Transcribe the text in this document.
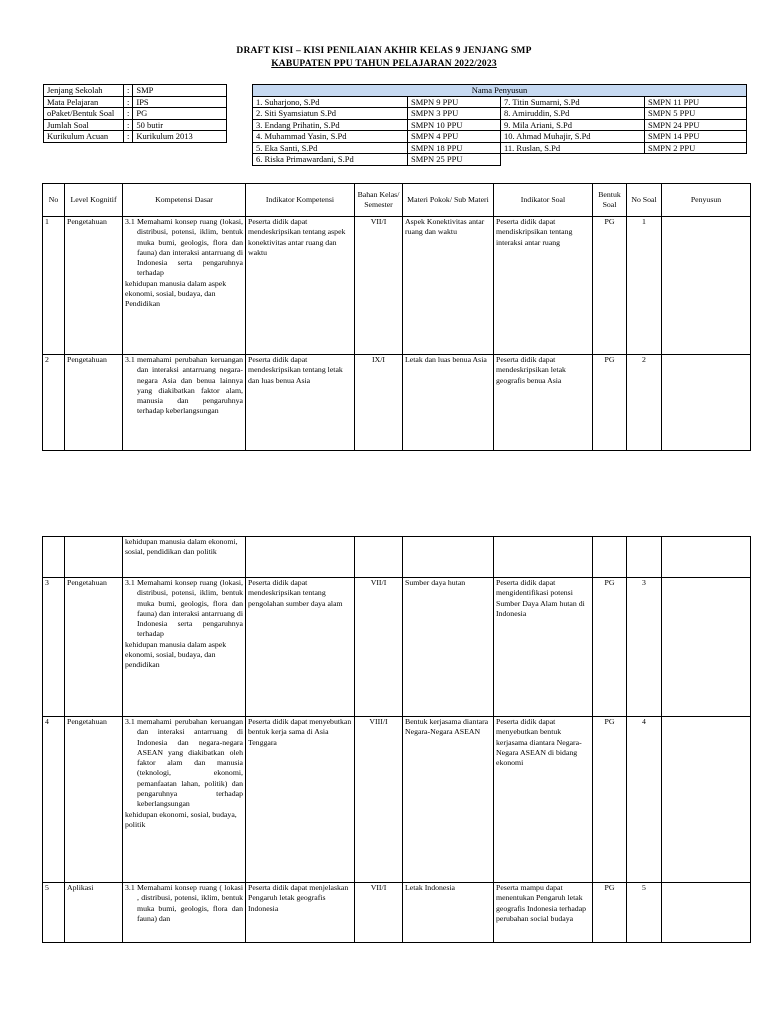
DRAFT KISI – KISI PENILAIAN AKHIR KELAS 9 JENJANG SMP
KABUPATEN PPU TAHUN PELAJARAN 2022/2023
Jenjang Sekolah	:	SMP
Mata Pelajaran	:	IPS
oPaket/Bentuk Soal	:	PG
Jumlah Soal	:	50 butir
Kurikulum Acuan	:	Kurikulum 2013
Nama Penyusun			
1. Suharjono, S.Pd	SMPN 9 PPU	7. Titin Sumarni, S.Pd	SMPN 11 PPU
2. Siti Syamsiatun S.Pd	SMPN 3 PPU	8. Amiruddin, S.Pd	SMPN 5 PPU
3. Endang Prihatin, S.Pd	SMPN 10 PPU	9. Mila Ariani, S.Pd	SMPN 24 PPU
4. Muhammad Yasin, S.Pd	SMPN 4 PPU	10. Ahmad Muhajir, S.Pd	SMPN 14 PPU
5. Eka Santi, S.Pd	SMPN 18 PPU	11. Ruslan, S.Pd	SMPN 2 PPU
6. Riska Primawardani, S.Pd	SMPN 25 PPU		
No	Level Kognitif	Kompetensi Dasar	Indikator Kompetensi	Bahan Kelas/ Semester	Materi Pokok/ Sub Materi	Indikator Soal	Bentuk Soal	No Soal	Penyusun
1	Pengetahuan	3.1 Memahami konsep ruang (lokasi, distribusi, potensi, iklim, bentuk muka bumi, geologis, flora dan fauna) dan interaksi antarruang di Indonesia serta pengaruhnya terhadap
kehidupan manusia dalam aspek ekonomi, sosial, budaya, dan Pendidikan	Peserta didik dapat mendeskripsikan tentang aspek konektivitas antar ruang dan waktu	VII/I	Aspek Konektivitas antar ruang dan waktu	Peserta didik dapat mendiskripsikan tentang interaksi antar ruang	PG	1	
2	Pengetahuan	3.1 memahami perubahan keruangan dan interaksi antarruang negara-negara Asia dan benua lainnya yang diakibatkan faktor alam, manusia dan pengaruhnya terhadap keberlangsungan	Peserta didik dapat mendeskripsikan tentang letak dan luas benua Asia	IX/I	Letak dan luas benua Asia	Peserta didik dapat mendeskripsikan letak geografis benua Asia	PG	2	

		kehidupan manusia dalam ekonomi, sosial, pendidikan dan politik							

3	Pengetahuan	3.1 Memahami konsep ruang (lokasi, distribusi, potensi, iklim, bentuk muka bumi, geologis, flora dan fauna) dan interaksi antarruang di Indonesia serta pengaruhnya terhadap
kehidupan manusia dalam aspek ekonomi, sosial, budaya, dan pendidikan	Peserta didik dapat mendeskripsikan tentang pengolahan sumber daya alam	VII/I	Sumber daya hutan	Peserta didik dapat mengidentifikasi potensi Sumber Daya Alam hutan di Indonesia	PG	3	
4	Pengetahuan	3.1 memahami perubahan keruangan dan interaksi antarruang di Indonesia dan negara-negara ASEAN yang diakibatkan oleh faktor alam dan manusia (teknologi, ekonomi, pemanfaatan lahan, politik) dan pengaruhnya terhadap keberlangsungan
kehidupan ekonomi, sosial, budaya, politik	Peserta didik dapat menyebutkan bentuk kerja sama di Asia Tenggara	VIII/I	Bentuk kerjasama diantara Negara-Negara ASEAN	Peserta didik dapat menyebutkan bentuk kerjasama diantara Negara-Negara ASEAN di bidang ekonomi	PG	4	
5	Aplikasi	3.1 Memahami konsep ruang ( lokasi , distribusi, potensi, iklim, bentuk muka bumi, geologis, flora dan fauna) dan	Peserta didik dapat menjelaskan Pengaruh letak geografis Indonesia	VII/I	Letak Indonesia	Peserta mampu dapat menentukan Pengaruh letak geografis Indonesia terhadap perubahan social budaya	PG	5	
